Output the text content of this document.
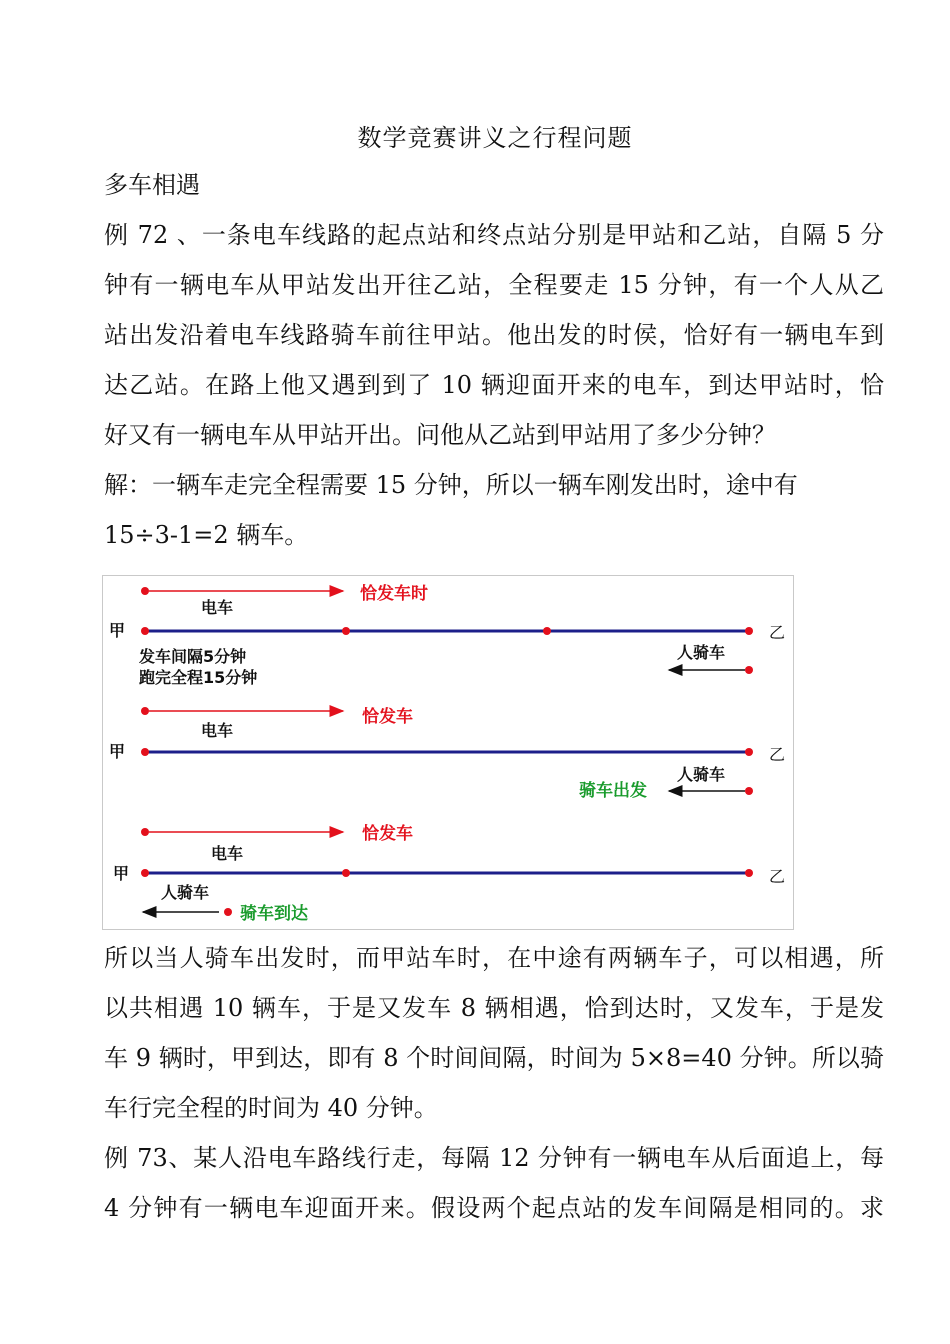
数学竞赛讲义之行程问题
多车相遇
例 72 、一条电车线路的起点站和终点站分别是甲站和乙站，自隔 5 分
钟有一辆电车从甲站发出开往乙站，全程要走 15 分钟，有一个人从乙
站出发沿着电车线路骑车前往甲站。他出发的时侯，恰好有一辆电车到
达乙站。在路上他又遇到到了 10 辆迎面开来的电车，到达甲站时，恰
好又有一辆电车从甲站开出。问他从乙站到甲站用了多少分钟？
解：一辆车走完全程需要 15 分钟，所以一辆车刚发出时，途中有
15÷3-1=2 辆车。
恰发车时
电车
甲	乙
发车间隔5分钟
跑完全程15分钟
人骑车
恰发车
电车
甲	乙
人骑车
骑车出发
恰发车
电车
甲	乙
人骑车
骑车到达
所以当人骑车出发时，而甲站车时，在中途有两辆车子，可以相遇，所
以共相遇 10 辆车，于是又发车 8 辆相遇，恰到达时，又发车，于是发
车 9 辆时，甲到达，即有 8 个时间间隔，时间为 5×8=40 分钟。所以骑
车行完全程的时间为 40 分钟。
例 73、某人沿电车路线行走，每隔 12 分钟有一辆电车从后面追上，每
4 分钟有一辆电车迎面开来。假设两个起点站的发车间隔是相同的。求
